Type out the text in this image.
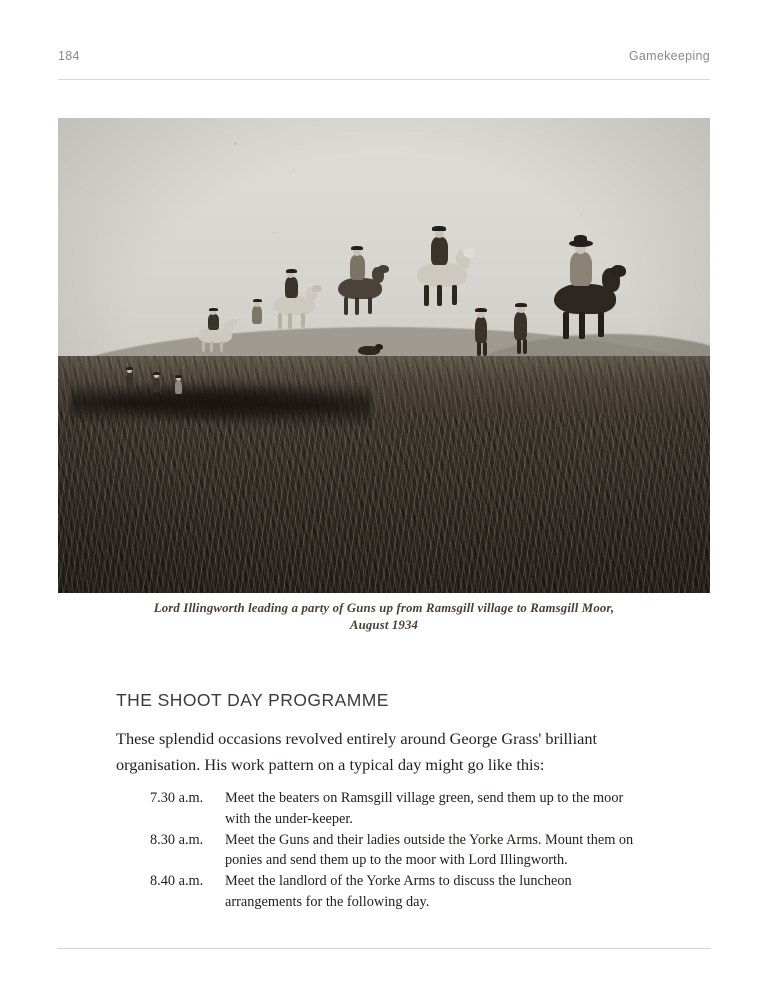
184	Gamekeeping
Lord Illingworth leading a party of Guns up from Ramsgill village to Ramsgill Moor,
August 1934
THE SHOOT DAY PROGRAMME
These splendid occasions revolved entirely around George Grass' brilliant
organisation. His work pattern on a typical day might go like this:
7.30 a.m.	Meet the beaters on Ramsgill village green, send them up to the moor with the under-keeper.
8.30 a.m.	Meet the Guns and their ladies outside the Yorke Arms. Mount them on ponies and send them up to the moor with Lord Illingworth.
8.40 a.m.	Meet the landlord of the Yorke Arms to discuss the luncheon arrangements for the following day.
